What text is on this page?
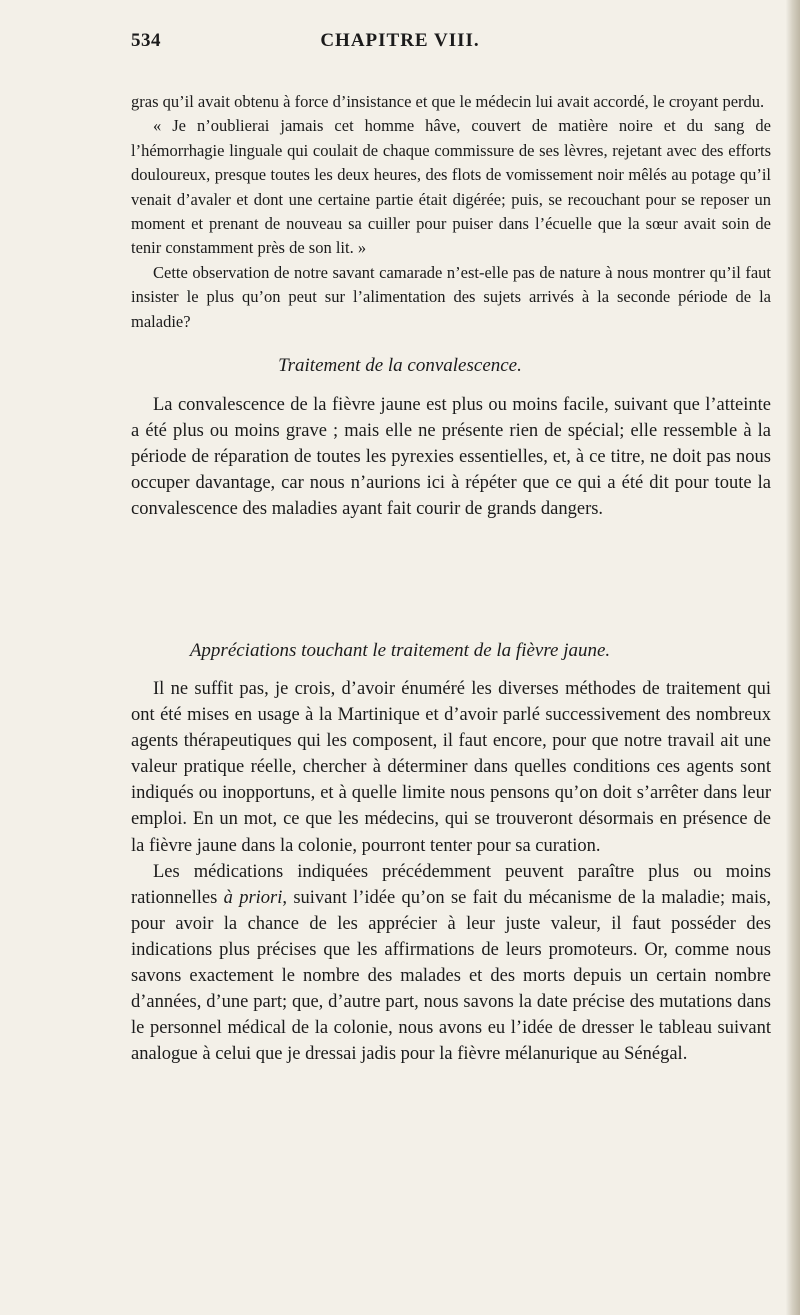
534	CHAPITRE VIII.

gras qu’il avait obtenu à force d’insistance et que le médecin lui avait accordé, le croyant perdu.

« Je n’oublierai jamais cet homme hâve, couvert de matière noire et du sang de l’hémorrhagie linguale qui coulait de chaque commissure de ses lèvres, rejetant avec des efforts douloureux, presque toutes les deux heures, des flots de vomissement noir mêlés au potage qu’il venait d’avaler et dont une certaine partie était digérée; puis, se recouchant pour se reposer un moment et prenant de nouveau sa cuiller pour puiser dans l’écuelle que la sœur avait soin de tenir constamment près de son lit. »

Cette observation de notre savant camarade n’est-elle pas de nature à nous montrer qu’il faut insister le plus qu’on peut sur l’alimentation des sujets arrivés à la seconde période de la maladie?

Traitement de la convalescence.

La convalescence de la fièvre jaune est plus ou moins facile, suivant que l’atteinte a été plus ou moins grave ; mais elle ne présente rien de spécial; elle ressemble à la période de réparation de toutes les pyrexies essentielles, et, à ce titre, ne doit pas nous occuper davantage, car nous n’aurions ici à répéter que ce qui a été dit pour toute la convalescence des maladies ayant fait courir de grands dangers.

Appréciations touchant le traitement de la fièvre jaune.

Il ne suffit pas, je crois, d’avoir énuméré les diverses méthodes de traitement qui ont été mises en usage à la Martinique et d’avoir parlé successivement des nombreux agents thérapeutiques qui les composent, il faut encore, pour que notre travail ait une valeur pratique réelle, chercher à déterminer dans quelles conditions ces agents sont indiqués ou inopportuns, et à quelle limite nous pensons qu’on doit s’arrêter dans leur emploi. En un mot, ce que les médecins, qui se trouveront désormais en présence de la fièvre jaune dans la colonie, pourront tenter pour sa curation.

Les médications indiquées précédemment peuvent paraître plus ou moins rationnelles à priori, suivant l’idée qu’on se fait du mécanisme de la maladie; mais, pour avoir la chance de les apprécier à leur juste valeur, il faut posséder des indications plus précises que les affirmations de leurs promoteurs. Or, comme nous savons exactement le nombre des malades et des morts depuis un certain nombre d’années, d’une part; que, d’autre part, nous savons la date précise des mutations dans le personnel médical de la colonie, nous avons eu l’idée de dresser le tableau suivant analogue à celui que je dressai jadis pour la fièvre mélanurique au Sénégal.
